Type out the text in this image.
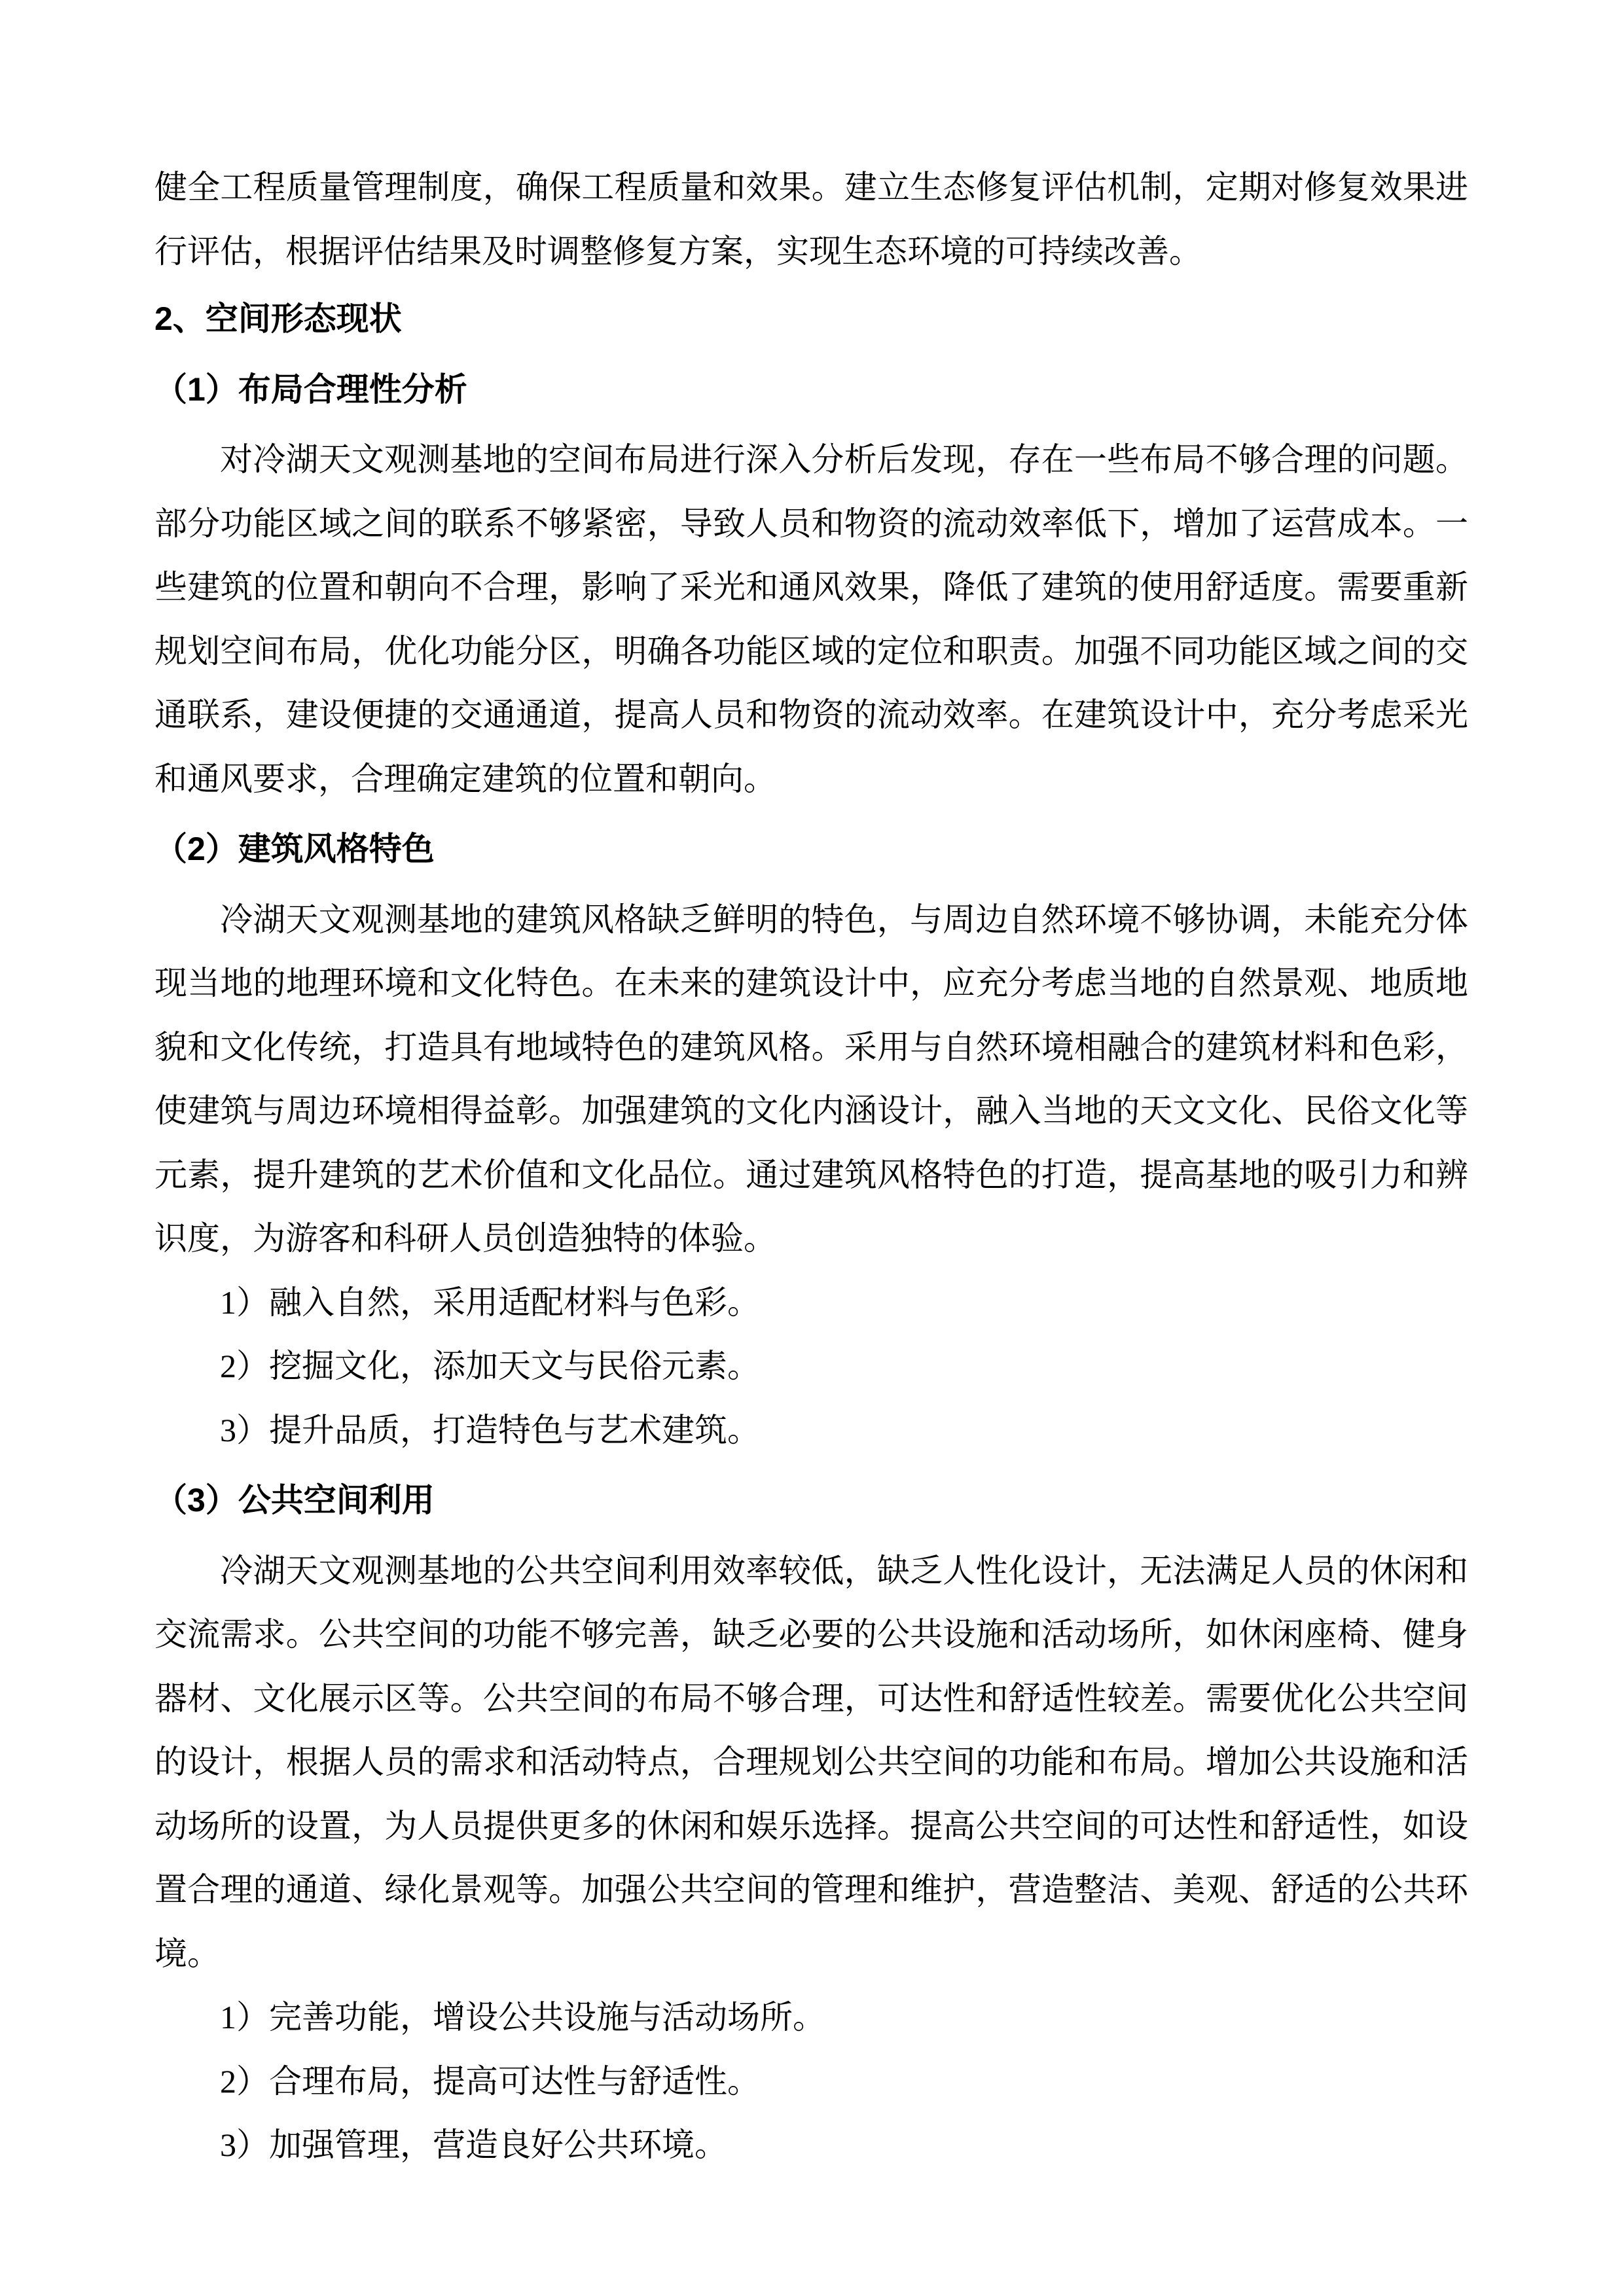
健全工程质量管理制度，确保工程质量和效果。建立生态修复评估机制，定期对修复效果进行评估，根据评估结果及时调整修复方案，实现生态环境的可持续改善。
2、空间形态现状
（1）布局合理性分析
对冷湖天文观测基地的空间布局进行深入分析后发现，存在一些布局不够合理的问题。部分功能区域之间的联系不够紧密，导致人员和物资的流动效率低下，增加了运营成本。一些建筑的位置和朝向不合理，影响了采光和通风效果，降低了建筑的使用舒适度。需要重新规划空间布局，优化功能分区，明确各功能区域的定位和职责。加强不同功能区域之间的交通联系，建设便捷的交通通道，提高人员和物资的流动效率。在建筑设计中，充分考虑采光和通风要求，合理确定建筑的位置和朝向。
（2）建筑风格特色
冷湖天文观测基地的建筑风格缺乏鲜明的特色，与周边自然环境不够协调，未能充分体现当地的地理环境和文化特色。在未来的建筑设计中，应充分考虑当地的自然景观、地质地貌和文化传统，打造具有地域特色的建筑风格。采用与自然环境相融合的建筑材料和色彩，使建筑与周边环境相得益彰。加强建筑的文化内涵设计，融入当地的天文文化、民俗文化等元素，提升建筑的艺术价值和文化品位。通过建筑风格特色的打造，提高基地的吸引力和辨识度，为游客和科研人员创造独特的体验。
1）融入自然，采用适配材料与色彩。
2）挖掘文化，添加天文与民俗元素。
3）提升品质，打造特色与艺术建筑。
（3）公共空间利用
冷湖天文观测基地的公共空间利用效率较低，缺乏人性化设计，无法满足人员的休闲和交流需求。公共空间的功能不够完善，缺乏必要的公共设施和活动场所，如休闲座椅、健身器材、文化展示区等。公共空间的布局不够合理，可达性和舒适性较差。需要优化公共空间的设计，根据人员的需求和活动特点，合理规划公共空间的功能和布局。增加公共设施和活动场所的设置，为人员提供更多的休闲和娱乐选择。提高公共空间的可达性和舒适性，如设置合理的通道、绿化景观等。加强公共空间的管理和维护，营造整洁、美观、舒适的公共环境。
1）完善功能，增设公共设施与活动场所。
2）合理布局，提高可达性与舒适性。
3）加强管理，营造良好公共环境。
